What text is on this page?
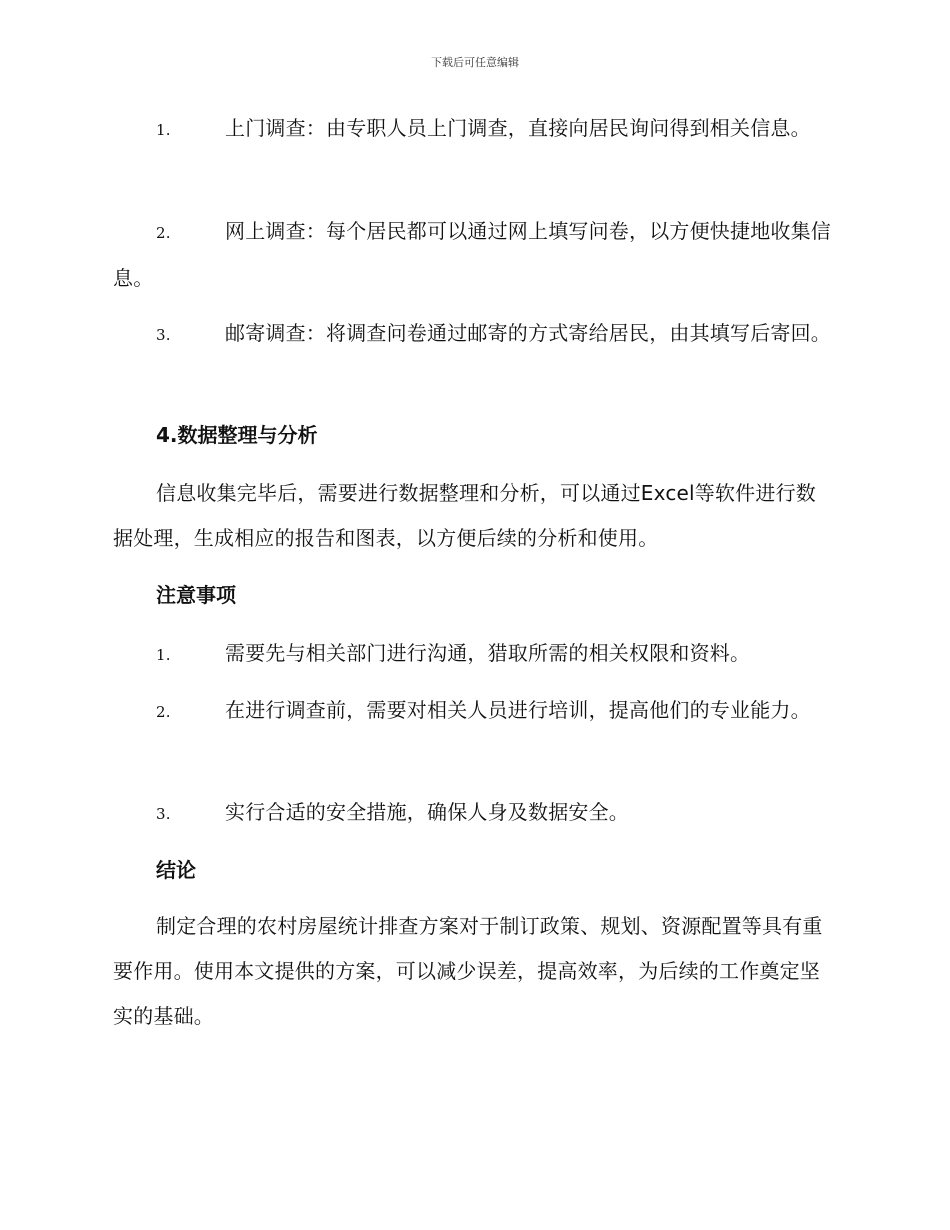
下载后可任意编辑
1.	上门调查：由专职人员上门调查，直接向居民询问得到相关信息。
2.	网上调查：每个居民都可以通过网上填写问卷，以方便快捷地收集信息。
3.	邮寄调查：将调查问卷通过邮寄的方式寄给居民，由其填写后寄回。
4.数据整理与分析
信息收集完毕后，需要进行数据整理和分析，可以通过Excel等软件进行数据处理，生成相应的报告和图表，以方便后续的分析和使用。
注意事项
1.	需要先与相关部门进行沟通，猎取所需的相关权限和资料。
2.	在进行调查前，需要对相关人员进行培训，提高他们的专业能力。
3.	实行合适的安全措施，确保人身及数据安全。
结论
制定合理的农村房屋统计排查方案对于制订政策、规划、资源配置等具有重要作用。使用本文提供的方案，可以减少误差，提高效率，为后续的工作奠定坚实的基础。
